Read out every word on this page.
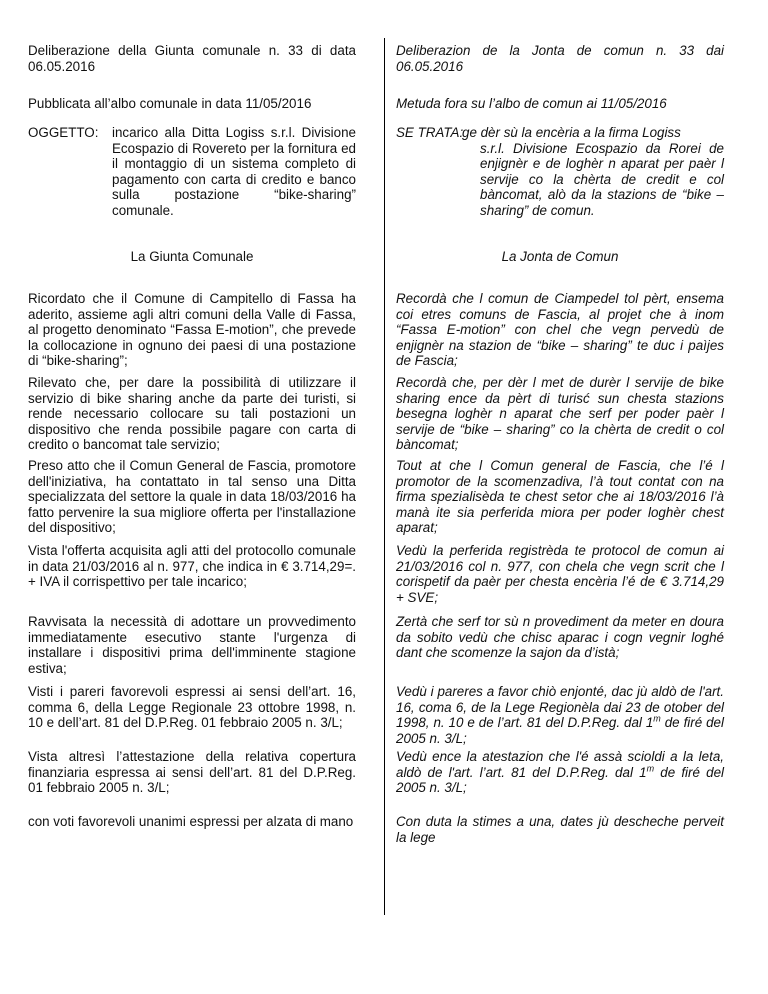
Deliberazione della Giunta comunale n. 33 di data 06.05.2016
Pubblicata all’albo comunale in data 11/05/2016
OGGETTO: incarico alla Ditta Logiss s.r.l. Divisione Ecospazio di Rovereto per la fornitura ed il montaggio di un sistema completo di pagamento con carta di credito e banco sulla postazione “bike-sharing” comunale.
La Giunta Comunale
Ricordato che il Comune di Campitello di Fassa ha aderito, assieme agli altri comuni della Valle di Fassa, al progetto denominato “Fassa E-motion”, che prevede la collocazione in ognuno dei paesi di una postazione di “bike-sharing”;
Rilevato che, per dare la possibilità di utilizzare il servizio di bike sharing anche da parte dei turisti, si rende necessario collocare su tali postazioni un dispositivo che renda possibile pagare con carta di credito o bancomat tale servizio;
Preso atto che il Comun General de Fascia, promotore dell'iniziativa, ha contattato in tal senso una Ditta specializzata del settore la quale in data 18/03/2016 ha fatto pervenire la sua migliore offerta per l'installazione del dispositivo;
Vista l'offerta acquisita agli atti del protocollo comunale in data 21/03/2016 al n. 977, che indica in € 3.714,29=. + IVA il corrispettivo per tale incarico;
Ravvisata la necessità di adottare un provvedimento immediatamente esecutivo stante l'urgenza di installare i dispositivi prima dell'imminente stagione estiva;
Visti i pareri favorevoli espressi ai sensi dell’art. 16, comma 6, della Legge Regionale 23 ottobre 1998, n. 10 e dell’art. 81 del D.P.Reg. 01 febbraio 2005 n. 3/L;
Vista altresì l’attestazione della relativa copertura finanziaria espressa ai sensi dell’art. 81 del D.P.Reg. 01 febbraio 2005 n. 3/L;
con voti favorevoli unanimi espressi per alzata di mano
Deliberazion de la Jonta de comun n. 33 dai 06.05.2016
Metuda fora su l’albo de comun ai 11/05/2016
SE TRATA:
ge dèr sù la encèria a la firma Logiss
s.r.l. Divisione Ecospazio da Rorei de enjignèr e de loghèr n aparat per paèr l servije co la chèrta de credit e col bàncomat, alò da la stazions de “bike – sharing” de comun.
La Jonta de Comun
Recordà che l comun de Ciampedel tol pèrt, ensema coi etres comuns de Fascia, al projet che à inom “Fassa E-motion” con chel che vegn pervedù de enjignèr na stazion de “bike – sharing” te duc i paìjes de Fascia;
Recordà che, per dèr l met de durèr l servije de bike sharing ence da pèrt di turisć sun chesta stazions besegna loghèr n aparat che serf per poder paèr l servije de “bike – sharing” co la chèrta de credit o col bàncomat;
Tout at che l Comun general de Fascia, che l’é l promotor de la scomenzadiva, l’à tout contat con na firma spezialisèda te chest setor che ai 18/03/2016 l’à manà ite sia perferida miora per poder loghèr chest aparat;
Vedù la perferida registrèda te protocol de comun ai 21/03/2016 col n. 977, con chela che vegn scrit che l corispetif da paèr per chesta encèria l’é de € 3.714,29 + SVE;
Zertà che serf tor sù n provediment da meter en doura da sobito vedù che chisc aparac i cogn vegnir loghé dant che scomenze la sajon da d’istà;
Vedù i pareres a favor chiò enjonté, dac jù aldò de l'art. 16, coma 6, de la Lege Regionèla dai 23 de otober del 1998, n. 10 e de l’art. 81 del D.P.Reg. dal 1$^m$ de firé del 2005 n. 3/L;
Vedù ence la atestazion che l'é assà scioldi a la leta, aldò de l'art. l’art. 81 del D.P.Reg. dal 1$^m$ de firé del 2005 n. 3/L;
Con duta la stimes a una, dates jù descheche perveit la lege
